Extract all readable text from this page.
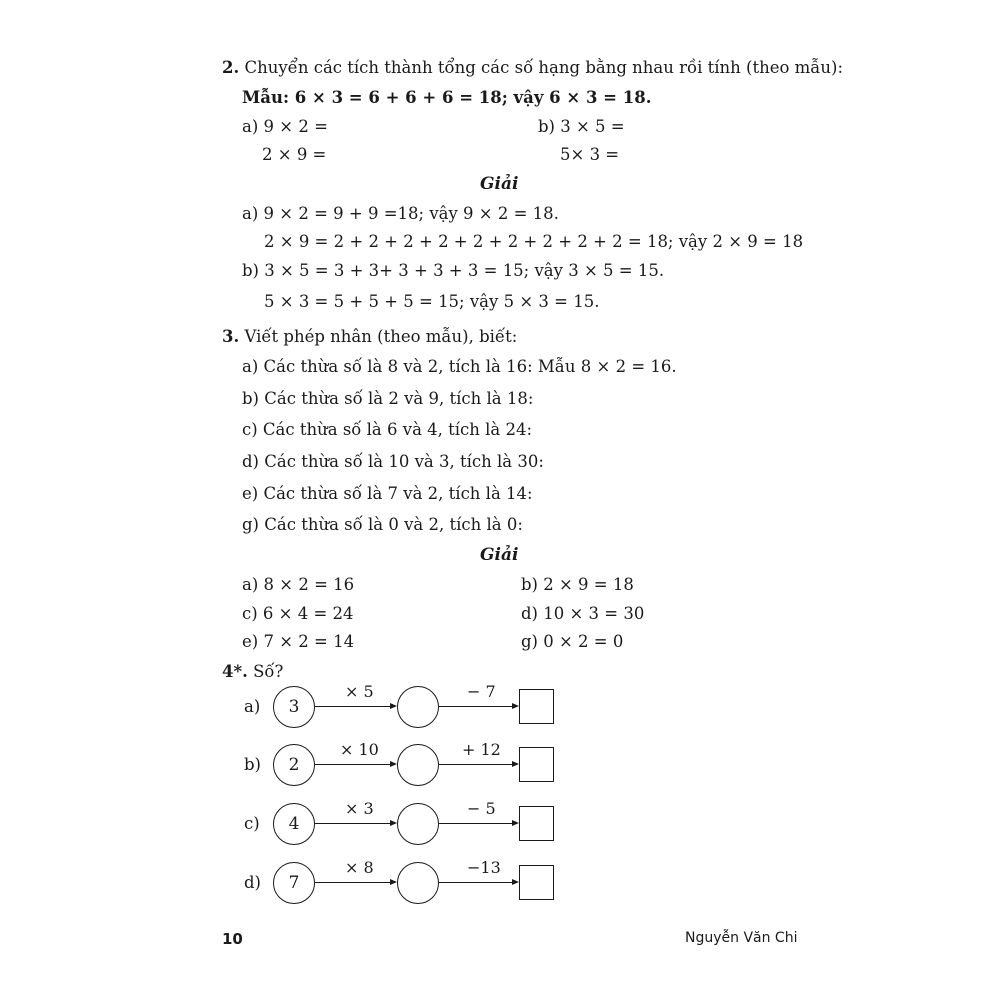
2. Chuyển các tích thành tổng các số hạng bằng nhau rồi tính (theo mẫu):
Mẫu: 6 × 3 = 6 + 6 + 6 = 18; vậy 6 × 3 = 18.
a) 9 × 2 =
2 × 9 =
b) 3 × 5 =
5× 3 =
Giải
a) 9 × 2 = 9 + 9 =18; vậy 9 × 2 = 18.
2 × 9 = 2 + 2 + 2 + 2 + 2 + 2 + 2 + 2 + 2 = 18; vậy 2 × 9 = 18
b) 3 × 5 = 3 + 3+ 3 + 3 + 3 = 15; vậy 3 × 5 = 15.
5 × 3 = 5 + 5 + 5 = 15; vậy 5 × 3 = 15.
3. Viết phép nhân (theo mẫu), biết:
a) Các thừa số là 8 và 2, tích là 16: Mẫu 8 × 2 = 16.
b) Các thừa số là 2 và 9, tích là 18:
c) Các thừa số là 6 và 4, tích là 24:
d) Các thừa số là 10 và 3, tích là 30:
e) Các thừa số là 7 và 2, tích là 14:
g) Các thừa số là 0 và 2, tích là 0:
Giải
a) 8 × 2 = 16	b) 2 × 9 = 18
c) 6 × 4 = 24	d) 10 × 3 = 30
e) 7 × 2 = 14	g) 0 × 2 = 0
4*. Số?
a)	3
× 5	− 7
b)	2
× 10	+ 12
c)	4
× 3	− 5
d)	7
× 8	−13
10	Nguyễn Văn Chi
